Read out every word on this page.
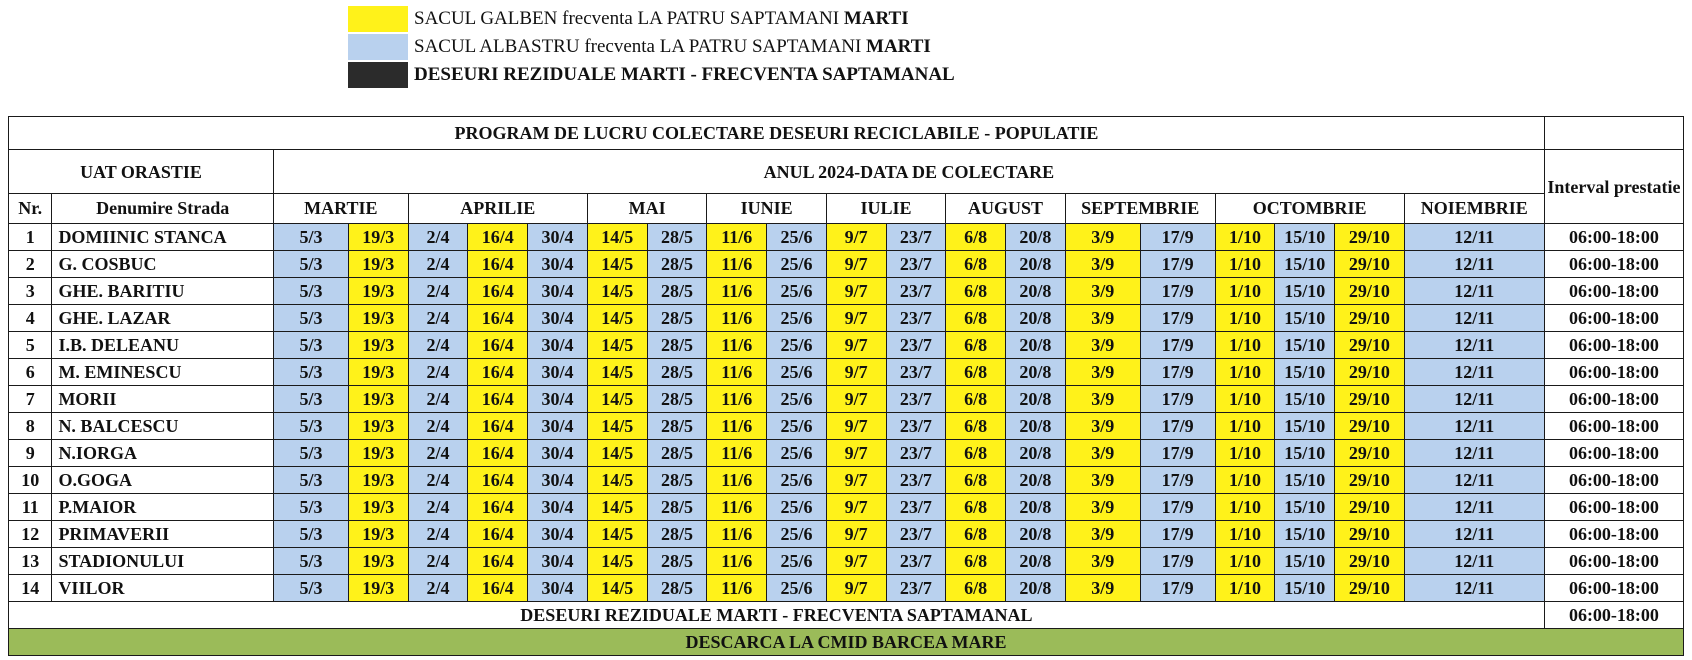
SACUL GALBEN frecventa LA PATRU SAPTAMANI MARTI
SACUL ALBASTRU frecventa LA PATRU SAPTAMANI MARTI
DESEURI REZIDUALE MARTI - FRECVENTA SAPTAMANAL
PROGRAM DE LUCRU COLECTARE DESEURI RECICLABILE - POPULATIE																					
UAT ORASTIE		ANUL 2024-DATA DE COLECTARE																			Interval prestatie
Nr.	Denumire Strada	MARTIE		APRILIE			MAI		IUNIE		IULIE		AUGUST		SEPTEMBRIE		OCTOMBRIE			NOIEMBRIE	
1	DOMIINIC STANCA	5/3	19/3	2/4	16/4	30/4	14/5	28/5	11/6	25/6	9/7	23/7	6/8	20/8	3/9	17/9	1/10	15/10	29/10	12/11	06:00-18:00
2	G. COSBUC	5/3	19/3	2/4	16/4	30/4	14/5	28/5	11/6	25/6	9/7	23/7	6/8	20/8	3/9	17/9	1/10	15/10	29/10	12/11	06:00-18:00
3	GHE. BARITIU	5/3	19/3	2/4	16/4	30/4	14/5	28/5	11/6	25/6	9/7	23/7	6/8	20/8	3/9	17/9	1/10	15/10	29/10	12/11	06:00-18:00
4	GHE. LAZAR	5/3	19/3	2/4	16/4	30/4	14/5	28/5	11/6	25/6	9/7	23/7	6/8	20/8	3/9	17/9	1/10	15/10	29/10	12/11	06:00-18:00
5	I.B. DELEANU	5/3	19/3	2/4	16/4	30/4	14/5	28/5	11/6	25/6	9/7	23/7	6/8	20/8	3/9	17/9	1/10	15/10	29/10	12/11	06:00-18:00
6	M. EMINESCU	5/3	19/3	2/4	16/4	30/4	14/5	28/5	11/6	25/6	9/7	23/7	6/8	20/8	3/9	17/9	1/10	15/10	29/10	12/11	06:00-18:00
7	MORII	5/3	19/3	2/4	16/4	30/4	14/5	28/5	11/6	25/6	9/7	23/7	6/8	20/8	3/9	17/9	1/10	15/10	29/10	12/11	06:00-18:00
8	N. BALCESCU	5/3	19/3	2/4	16/4	30/4	14/5	28/5	11/6	25/6	9/7	23/7	6/8	20/8	3/9	17/9	1/10	15/10	29/10	12/11	06:00-18:00
9	N.IORGA	5/3	19/3	2/4	16/4	30/4	14/5	28/5	11/6	25/6	9/7	23/7	6/8	20/8	3/9	17/9	1/10	15/10	29/10	12/11	06:00-18:00
10	O.GOGA	5/3	19/3	2/4	16/4	30/4	14/5	28/5	11/6	25/6	9/7	23/7	6/8	20/8	3/9	17/9	1/10	15/10	29/10	12/11	06:00-18:00
11	P.MAIOR	5/3	19/3	2/4	16/4	30/4	14/5	28/5	11/6	25/6	9/7	23/7	6/8	20/8	3/9	17/9	1/10	15/10	29/10	12/11	06:00-18:00
12	PRIMAVERII	5/3	19/3	2/4	16/4	30/4	14/5	28/5	11/6	25/6	9/7	23/7	6/8	20/8	3/9	17/9	1/10	15/10	29/10	12/11	06:00-18:00
13	STADIONULUI	5/3	19/3	2/4	16/4	30/4	14/5	28/5	11/6	25/6	9/7	23/7	6/8	20/8	3/9	17/9	1/10	15/10	29/10	12/11	06:00-18:00
14	VIILOR	5/3	19/3	2/4	16/4	30/4	14/5	28/5	11/6	25/6	9/7	23/7	6/8	20/8	3/9	17/9	1/10	15/10	29/10	12/11	06:00-18:00
DESEURI REZIDUALE MARTI - FRECVENTA SAPTAMANAL																					06:00-18:00
DESCARCA LA CMID BARCEA MARE																					
